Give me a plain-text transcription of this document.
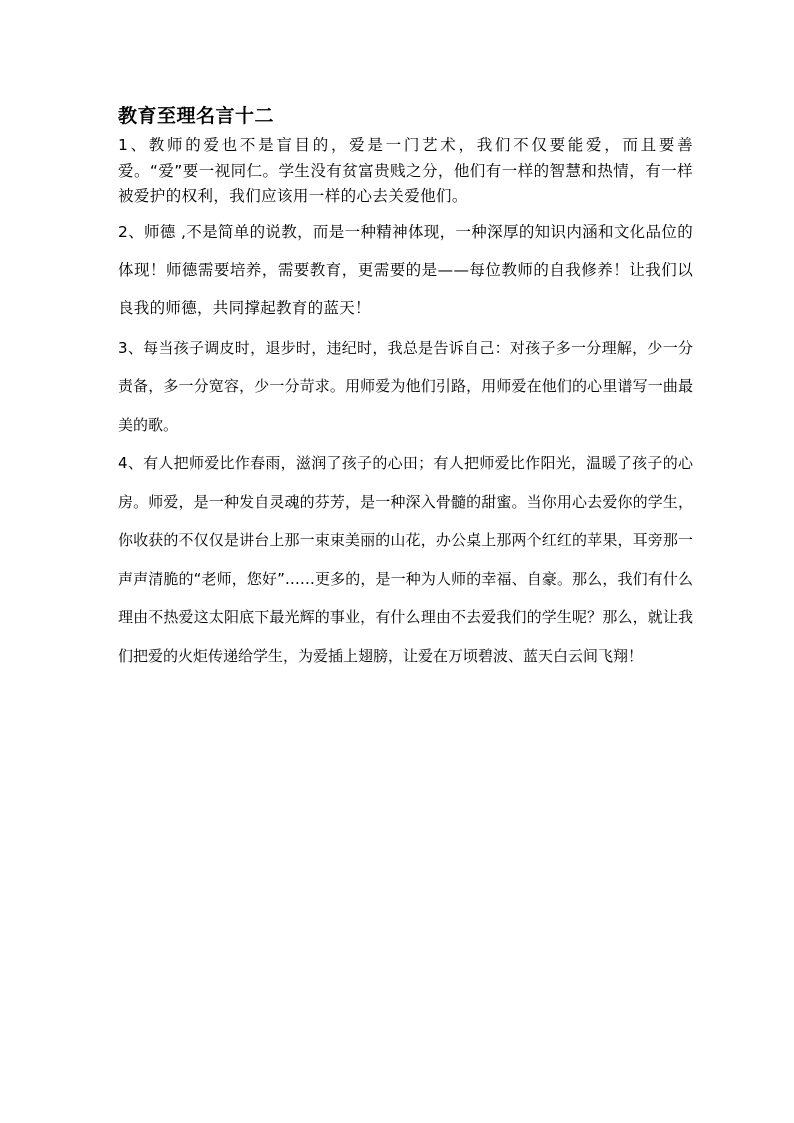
教育至理名言十二

1、教师的爱也不是盲目的，爱是一门艺术，我们不仅要能爱，而且要善爱。“爱”要一视同仁。学生没有贫富贵贱之分，他们有一样的智慧和热情，有一样被爱护的权利，我们应该用一样的心去关爱他们。

2、师德 ,不是简单的说教，而是一种精神体现，一种深厚的知识内涵和文化品位的体现！师德需要培养，需要教育，更需要的是——每位教师的自我修养！让我们以良我的师德，共同撑起教育的蓝天！

3、每当孩子调皮时，退步时，违纪时，我总是告诉自己：对孩子多一分理解，少一分责备，多一分宽容，少一分苛求。用师爱为他们引路，用师爱在他们的心里谱写一曲最美的歌。

4、有人把师爱比作春雨，滋润了孩子的心田；有人把师爱比作阳光，温暖了孩子的心房。师爱，是一种发自灵魂的芬芳，是一种深入骨髓的甜蜜。当你用心去爱你的学生，你收获的不仅仅是讲台上那一束束美丽的山花，办公桌上那两个红红的苹果，耳旁那一声声清脆的“老师，您好”……更多的，是一种为人师的幸福、自豪。那么，我们有什么理由不热爱这太阳底下最光辉的事业，有什么理由不去爱我们的学生呢？那么，就让我们把爱的火炬传递给学生，为爱插上翅膀，让爱在万顷碧波、蓝天白云间飞翔！
